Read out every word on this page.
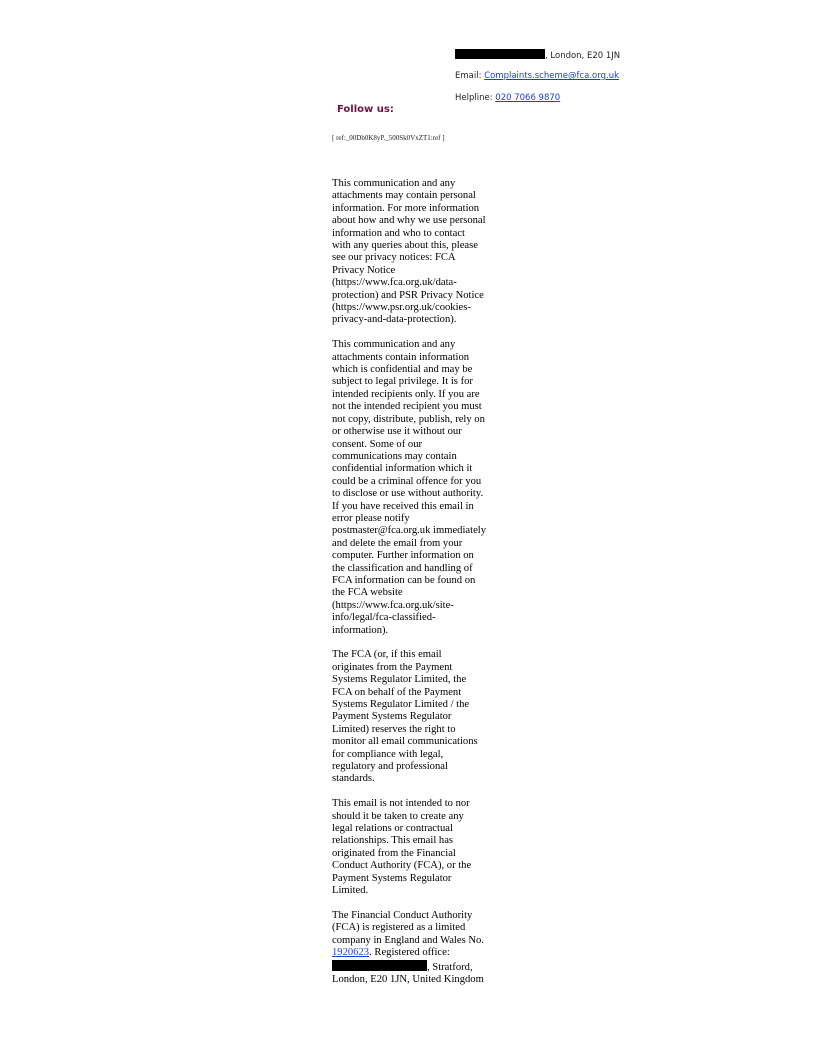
, London, E20 1JN
Email: Complaints.scheme@fca.org.uk
Helpline: 020 7066 9870
Follow us:
[ ref:_00Db0K8yP._500Sk0VxZT1:ref ]

This communication and any attachments may contain personal information. For more information about how and why we use personal information and who to contact with any queries about this, please see our privacy notices: FCA Privacy Notice (https://www.fca.org.uk/data-protection) and PSR Privacy Notice (https://www.psr.org.uk/cookies-privacy-and-data-protection).

This communication and any attachments contain information which is confidential and may be subject to legal privilege. It is for intended recipients only. If you are not the intended recipient you must not copy, distribute, publish, rely on or otherwise use it without our consent. Some of our communications may contain confidential information which it could be a criminal offence for you to disclose or use without authority. If you have received this email in error please notify postmaster@fca.org.uk immediately and delete the email from your computer. Further information on the classification and handling of FCA information can be found on the FCA website (https://www.fca.org.uk/site-info/legal/fca-classified-information).

The FCA (or, if this email originates from the Payment Systems Regulator Limited, the FCA on behalf of the Payment Systems Regulator Limited / the Payment Systems Regulator Limited) reserves the right to monitor all email communications for compliance with legal, regulatory and professional standards.

This email is not intended to nor should it be taken to create any legal relations or contractual relationships. This email has originated from the Financial Conduct Authority (FCA), or the Payment Systems Regulator Limited.

The Financial Conduct Authority (FCA) is registered as a limited company in England and Wales No. 1920623. Registered office: , Stratford, London, E20 1JN, United Kingdom
